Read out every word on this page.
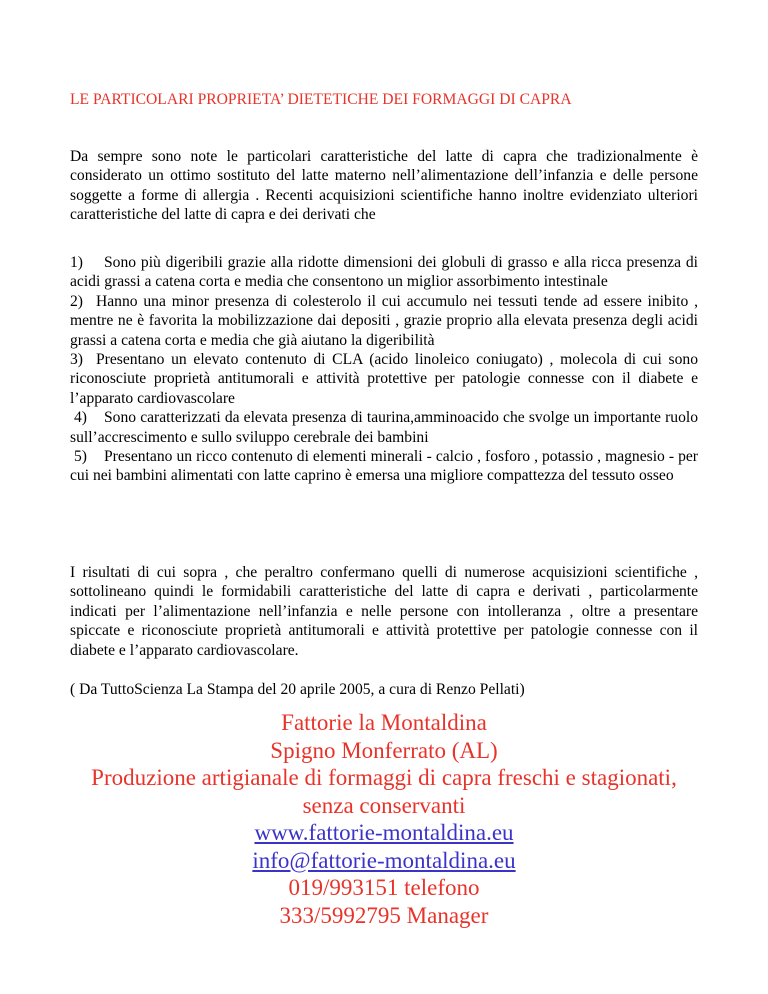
LE PARTICOLARI PROPRIETA’ DIETETICHE DEI FORMAGGI DI CAPRA

Da sempre sono note le particolari caratteristiche del latte di capra che tradizionalmente è considerato un ottimo sostituto del latte materno nell’alimentazione dell’infanzia e delle persone soggette a forme di allergia . Recenti acquisizioni scientifiche hanno inoltre evidenziato ulteriori caratteristiche del latte di capra e dei derivati che

1) Sono più digeribili grazie alla ridotte dimensioni dei globuli di grasso e alla ricca presenza di acidi grassi a catena corta e media che consentono un miglior assorbimento intestinale

2) Hanno una minor presenza di colesterolo il cui accumulo nei tessuti tende ad essere inibito , mentre ne è favorita la mobilizzazione dai depositi , grazie proprio alla elevata presenza degli acidi grassi a catena corta e media che già aiutano la digeribilità

3) Presentano un elevato contenuto di CLA (acido linoleico coniugato) , molecola di cui sono riconosciute proprietà antitumorali e attività protettive per patologie connesse con il diabete e l’apparato cardiovascolare

4) Sono caratterizzati da elevata presenza di taurina,amminoacido che svolge un importante ruolo sull’accrescimento e sullo sviluppo cerebrale dei bambini

5) Presentano un ricco contenuto di elementi minerali - calcio , fosforo , potassio , magnesio - per cui nei bambini alimentati con latte caprino è emersa una migliore compattezza del tessuto osseo

I risultati di cui sopra , che peraltro confermano quelli di numerose acquisizioni scientifiche , sottolineano quindi le formidabili caratteristiche del latte di capra e derivati , particolarmente indicati per l’alimentazione nell’infanzia e nelle persone con intolleranza , oltre a presentare spiccate e riconosciute proprietà antitumorali e attività protettive per patologie connesse con il diabete e l’apparato cardiovascolare.

( Da TuttoScienza La Stampa del 20 aprile 2005, a cura di Renzo Pellati)

Fattorie la Montaldina
Spigno Monferrato (AL)
Produzione artigianale di formaggi di capra freschi e stagionati,
senza conservanti
www.fattorie-montaldina.eu
info@fattorie-montaldina.eu
019/993151 telefono
333/5992795 Manager
